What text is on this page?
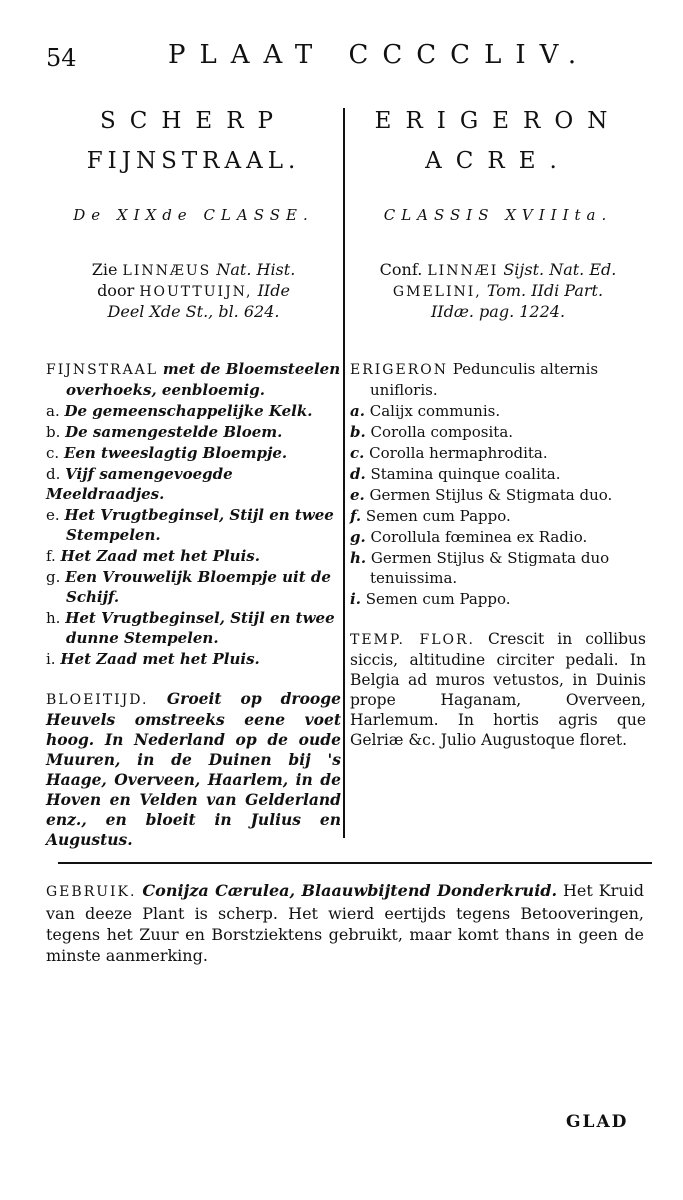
54	PLAAT CCCCLIV.
SCHERP
FIJNSTRAAL.
De XIXde CLASSE.
Zie LINNÆUS Nat. Hist.
door HOUTTUIJN, IIde
Deel Xde St., bl. 624.
FIJNSTRAAL met de Bloemsteelen
overhoeks, eenbloemig.
a. De gemeenschappelijke Kelk.
b. De samengestelde Bloem.
c. Een tweeslagtig Bloempje.
d. Vijf samengevoegde Meeldraadjes.
e. Het Vrugtbeginsel, Stijl en twee
Stempelen.
f. Het Zaad met het Pluis.
g. Een Vrouwelijk Bloempje uit de
Schijf.
h. Het Vrugtbeginsel, Stijl en twee
dunne Stempelen.
i. Het Zaad met het Pluis.
BLOEITIJD. Groeit op drooge Heuvels omstreeks eene voet hoog. In Nederland op de oude Muuren, in de Duinen bij 's Haage, Overveen, Haarlem, in de Hoven en Velden van Gelderland enz., en bloeit in Julius en Augustus.
ERIGERON
ACRE.
CLASSIS XVIIIta.
Conf. LINNÆI Sijst. Nat. Ed.
GMELINI, Tom. IIdi Part.
IIdæ. pag. 1224.
ERIGERON Pedunculis alternis
unifloris.
a. Calijx communis.
b. Corolla composita.
c. Corolla hermaphrodita.
d. Stamina quinque coalita.
e. Germen Stijlus & Stigmata duo.
f. Semen cum Pappo.
g. Corollula fœminea ex Radio.
h. Germen Stijlus & Stigmata duo
tenuissima.
i. Semen cum Pappo.
TEMP. FLOR. Crescit in collibus siccis, altitudine circiter pedali. In Belgia ad muros vetustos, in Duinis prope Haganam, Overveen, Harlemum. In hortis agris que Gelriæ &c. Julio Augustoque floret.
GEBRUIK. Conijza Cærulea, Blaauwbijtend Donderkruid. Het Kruid van deeze Plant is scherp. Het wierd eertijds tegens Betooveringen, tegens het Zuur en Borstziektens gebruikt, maar komt thans in geen de minste aanmerking.
GLAD
